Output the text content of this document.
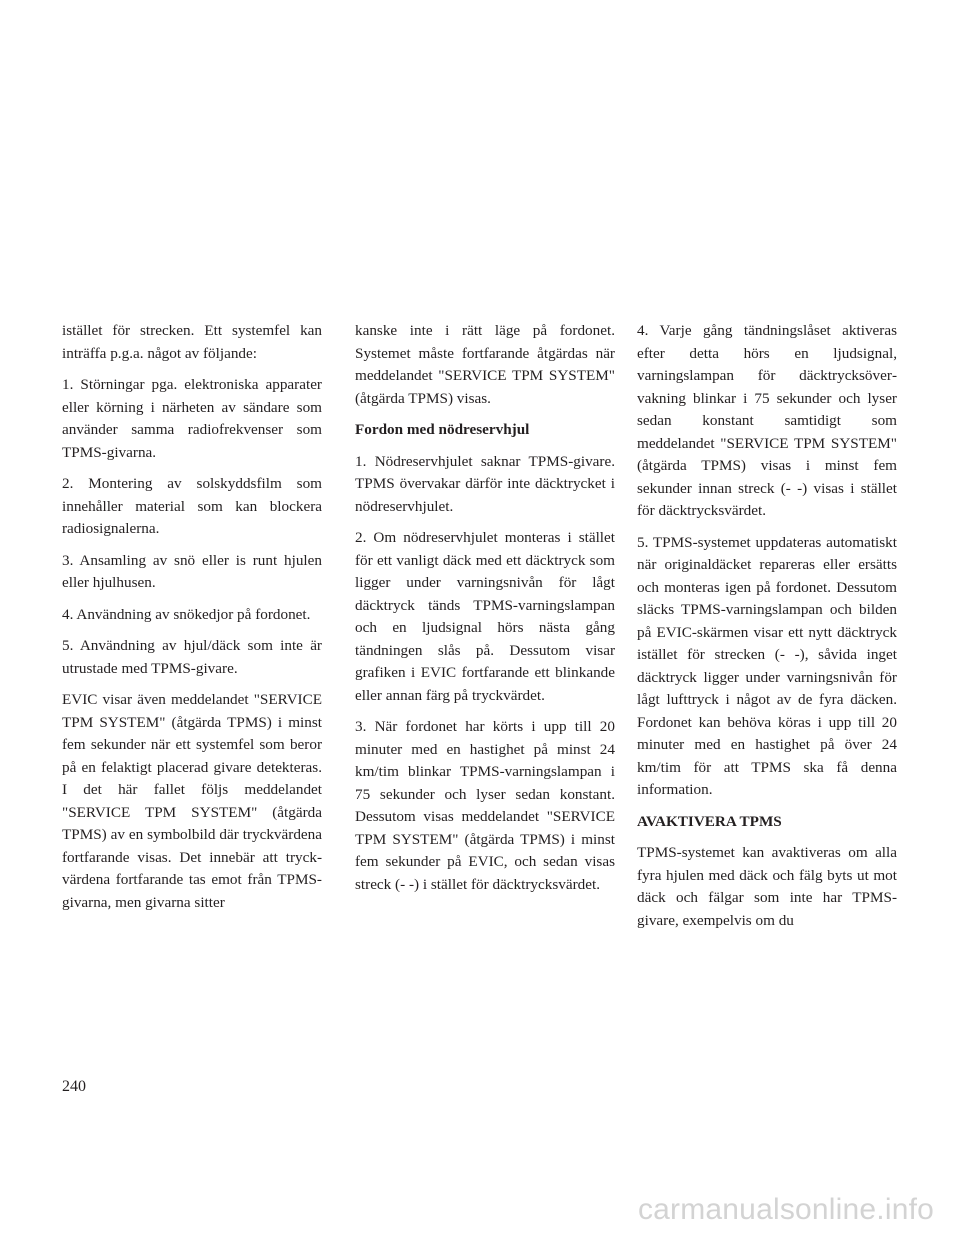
istället för strecken. Ett systemfel kan inträffa p.g.a. något av följande:

1. Störningar pga. elektroniska apparater eller körning i närheten av sändare som använder samma radiofrekvenser som TPMS-givarna.

2. Montering av solskyddsfilm som innehåller material som kan blockera radiosignalerna.

3. Ansamling av snö eller is runt hjulen eller hjulhusen.

4. Användning av snökedjor på fordonet.

5. Användning av hjul/däck som inte är utrustade med TPMS-givare.

EVIC visar även meddelandet "SERVICE TPM SYSTEM" (åtgärda TPMS) i minst fem sekunder när ett systemfel som beror på en felaktigt placerad givare detekteras. I det här fallet följs meddelandet "SERVICE TPM SYSTEM" (åtgärda TPMS) av en symbolbild där tryckvärdena fortfarande visas. Det innebär att tryckvärdena fortfarande tas emot från TPMS-givarna, men givarna sitter

kanske inte i rätt läge på fordonet. Systemet måste fortfarande åtgärdas när meddelandet "SERVICE TPM SYSTEM" (åtgärda TPMS) visas.

Fordon med nödreservhjul

1. Nödreservhjulet saknar TPMS-givare. TPMS övervakar därför inte däcktrycket i nödreservhjulet.

2. Om nödreservhjulet monteras i stället för ett vanligt däck med ett däcktryck som ligger under varningsnivån för lågt däcktryck tänds TPMS-varningslampan och en ljudsignal hörs nästa gång tändningen slås på. Dessutom visar grafiken i EVIC fortfarande ett blinkande eller annan färg på tryckvärdet.

3. När fordonet har körts i upp till 20 minuter med en hastighet på minst 24 km/tim blinkar TPMS-varningslampan i 75 sekunder och lyser sedan konstant. Dessutom visas meddelandet "SERVICE TPM SYSTEM" (åtgärda TPMS) i minst fem sekunder på EVIC, och sedan visas streck (- -) i stället för däcktrycksvärdet.

4. Varje gång tändningslåset aktiveras efter detta hörs en ljudsignal, varningslampan för däcktrycksövervakning blinkar i 75 sekunder och lyser sedan konstant samtidigt som meddelandet "SERVICE TPM SYSTEM" (åtgärda TPMS) visas i minst fem sekunder innan streck (- -) visas i stället för däcktrycksvärdet.

5. TPMS-systemet uppdateras automatiskt när originaldäcket repareras eller ersätts och monteras igen på fordonet. Dessutom släcks TPMS-varningslampan och bilden på EVIC-skärmen visar ett nytt däcktryck istället för strecken (- -), såvida inget däcktryck ligger under varningsnivån för lågt lufttryck i något av de fyra däcken. Fordonet kan behöva köras i upp till 20 minuter med en hastighet på över 24 km/tim för att TPMS ska få denna information.

AVAKTIVERA TPMS

TPMS-systemet kan avaktiveras om alla fyra hjulen med däck och fälg byts ut mot däck och fälgar som inte har TPMS-givare, exempelvis om du

240
carmanualsonline.info
